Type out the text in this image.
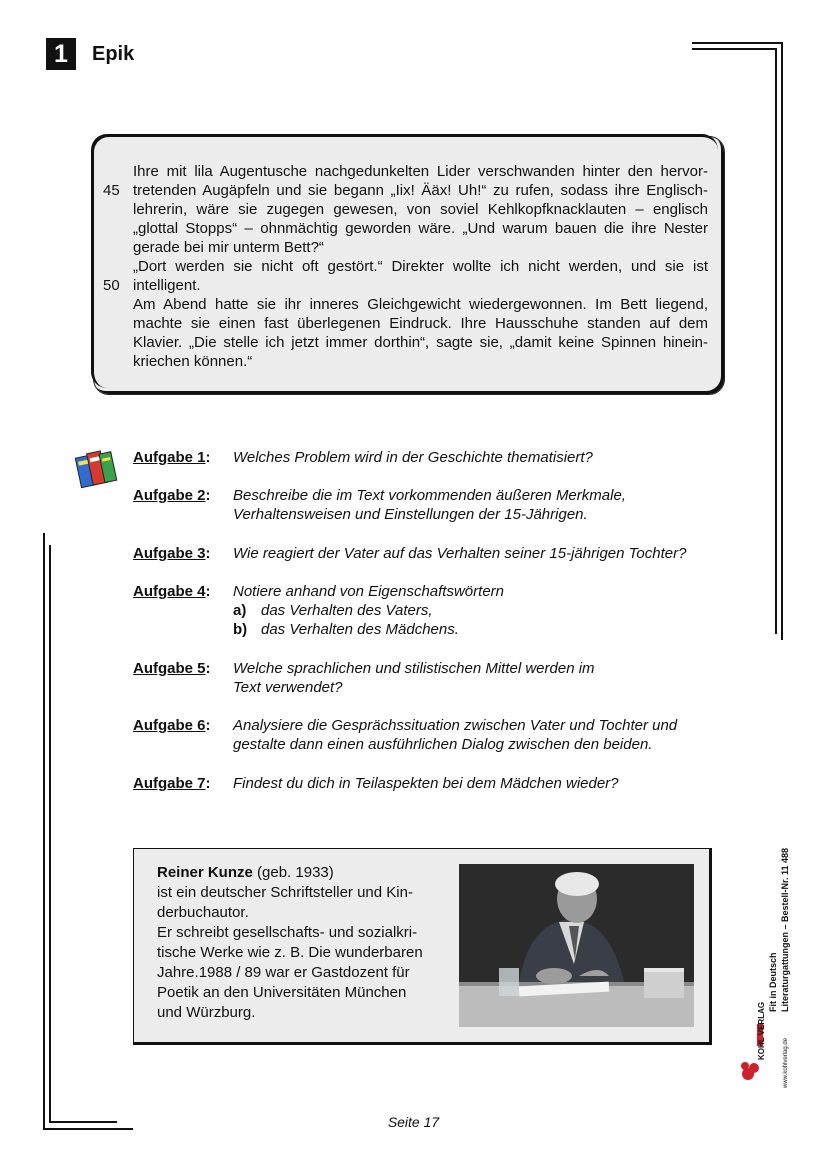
1	Epik
45
50
Ihre mit lila Augentusche nachgedunkelten Lider verschwanden hinter den hervor-
tretenden Augäpfeln und sie begann „Iix! Ääx! Uh!“ zu rufen, sodass ihre Englisch-
lehrerin, wäre sie zugegen gewesen, von soviel Kehlkopfknacklauten – englisch
„glottal Stopps“ – ohnmächtig geworden wäre. „Und warum bauen die ihre Nester
gerade bei mir unterm Bett?“
„Dort werden sie nicht oft gestört.“ Direkter wollte ich nicht werden, und sie ist
intelligent.
Am Abend hatte sie ihr inneres Gleichgewicht wiedergewonnen. Im Bett liegend,
machte sie einen fast überlegenen Eindruck. Ihre Hausschuhe standen auf dem
Klavier. „Die stelle ich jetzt immer dorthin“, sagte sie, „damit keine Spinnen hinein-
kriechen können.“
Aufgabe 1: Welches Problem wird in der Geschichte thematisiert?
Aufgabe 2: Beschreibe die im Text vorkommenden äußeren Merkmale,
Verhaltensweisen und Einstellungen der 15-Jährigen.
Aufgabe 3: Wie reagiert der Vater auf das Verhalten seiner 15-jährigen Tochter?
Aufgabe 4: Notiere anhand von Eigenschaftswörtern
a) das Verhalten des Vaters,
b) das Verhalten des Mädchens.
Aufgabe 5: Welche sprachlichen und stilistischen Mittel werden im
Text verwendet?
Aufgabe 6: Analysiere die Gesprächssituation zwischen Vater und Tochter und
gestalte dann einen ausführlichen Dialog zwischen den beiden.
Aufgabe 7: Findest du dich in Teilaspekten bei dem Mädchen wieder?
Reiner Kunze (geb. 1933)
ist ein deutscher Schriftsteller und Kin-
derbuchautor.
Er schreibt gesellschafts- und sozialkri-
tische Werke wie z. B. Die wunderbaren
Jahre.1988 / 89 war er Gastdozent für
Poetik an den Universitäten München
und Würzburg.
Fit in Deutsch Literaturgattungen – Bestell-Nr. 11 488
KOHL VERLAG
www.kohlverlag.de
Seite 17
